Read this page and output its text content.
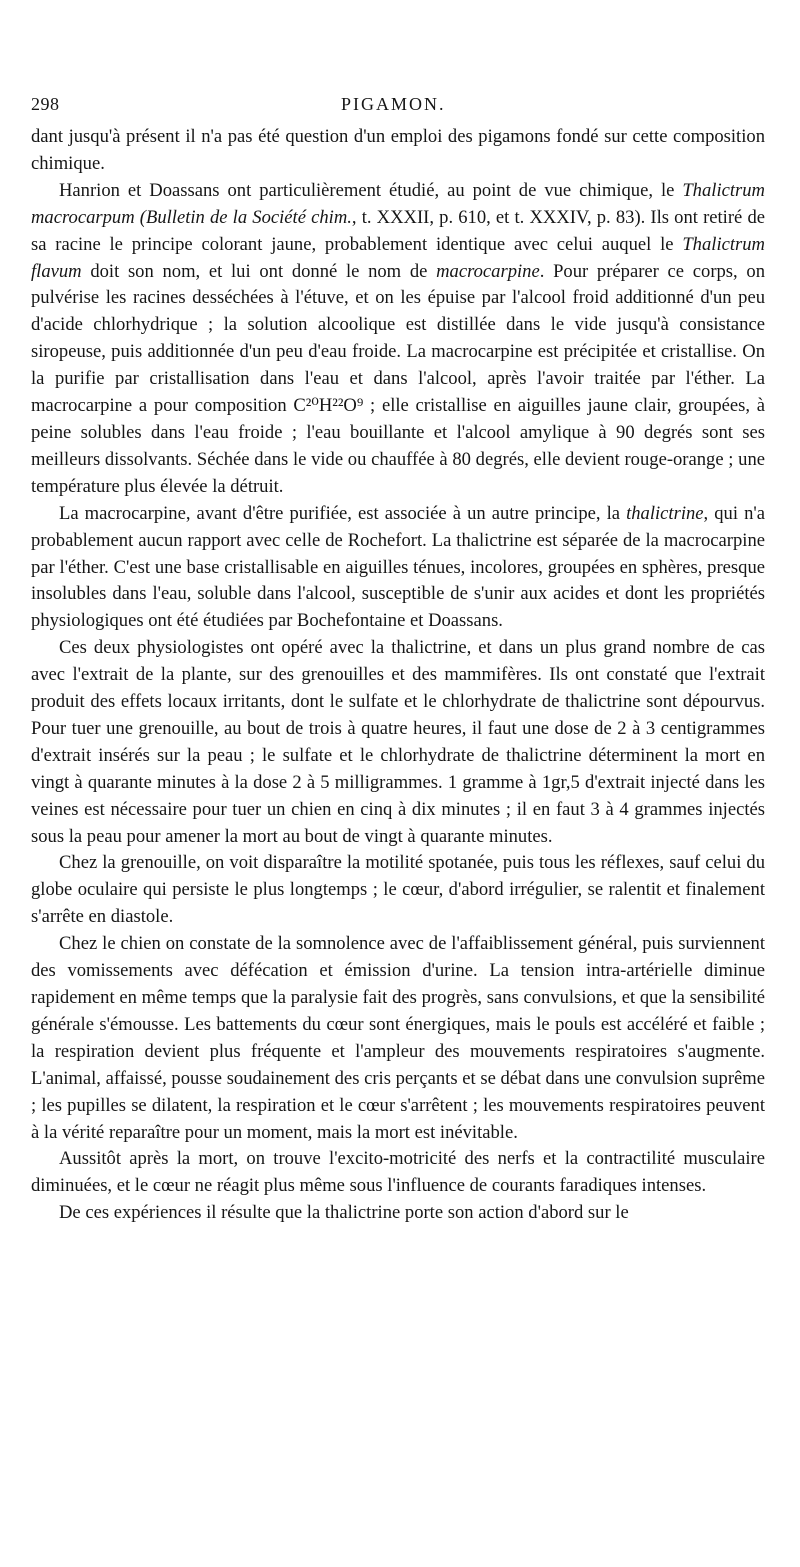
298	PIGAMON.

dant jusqu'à présent il n'a pas été question d'un emploi des pigamons fondé sur cette composition chimique.

Hanrion et Doassans ont particulièrement étudié, au point de vue chimique, le Thalictrum macrocarpum (Bulletin de la Société chim., t. XXXII, p. 610, et t. XXXIV, p. 83). Ils ont retiré de sa racine le principe colorant jaune, probablement identique avec celui auquel le Thalictrum flavum doit son nom, et lui ont donné le nom de macrocarpine. Pour préparer ce corps, on pulvérise les racines desséchées à l'étuve, et on les épuise par l'alcool froid additionné d'un peu d'acide chlorhydrique ; la solution alcoolique est distillée dans le vide jusqu'à consistance siropeuse, puis additionnée d'un peu d'eau froide. La macrocarpine est précipitée et cristallise. On la purifie par cristallisation dans l'eau et dans l'alcool, après l'avoir traitée par l'éther. La macrocarpine a pour composition C²⁰H²²O⁹ ; elle cristallise en aiguilles jaune clair, groupées, à peine solubles dans l'eau froide ; l'eau bouillante et l'alcool amylique à 90 degrés sont ses meilleurs dissolvants. Séchée dans le vide ou chauffée à 80 degrés, elle devient rouge-orange ; une température plus élevée la détruit.

La macrocarpine, avant d'être purifiée, est associée à un autre principe, la thalictrine, qui n'a probablement aucun rapport avec celle de Rochefort. La thalictrine est séparée de la macrocarpine par l'éther. C'est une base cristallisable en aiguilles ténues, incolores, groupées en sphères, presque insolubles dans l'eau, soluble dans l'alcool, susceptible de s'unir aux acides et dont les propriétés physiologiques ont été étudiées par Bochefontaine et Doassans.

Ces deux physiologistes ont opéré avec la thalictrine, et dans un plus grand nombre de cas avec l'extrait de la plante, sur des grenouilles et des mammifères. Ils ont constaté que l'extrait produit des effets locaux irritants, dont le sulfate et le chlorhydrate de thalictrine sont dépourvus. Pour tuer une grenouille, au bout de trois à quatre heures, il faut une dose de 2 à 3 centigrammes d'extrait insérés sur la peau ; le sulfate et le chlorhydrate de thalictrine déterminent la mort en vingt à quarante minutes à la dose 2 à 5 milligrammes. 1 gramme à 1gr,5 d'extrait injecté dans les veines est nécessaire pour tuer un chien en cinq à dix minutes ; il en faut 3 à 4 grammes injectés sous la peau pour amener la mort au bout de vingt à quarante minutes.

Chez la grenouille, on voit disparaître la motilité spotanée, puis tous les réflexes, sauf celui du globe oculaire qui persiste le plus longtemps ; le cœur, d'abord irrégulier, se ralentit et finalement s'arrête en diastole.

Chez le chien on constate de la somnolence avec de l'affaiblissement général, puis surviennent des vomissements avec défécation et émission d'urine. La tension intra-artérielle diminue rapidement en même temps que la paralysie fait des progrès, sans convulsions, et que la sensibilité générale s'émousse. Les battements du cœur sont énergiques, mais le pouls est accéléré et faible ; la respiration devient plus fréquente et l'ampleur des mouvements respiratoires s'augmente. L'animal, affaissé, pousse soudainement des cris perçants et se débat dans une convulsion suprême ; les pupilles se dilatent, la respiration et le cœur s'arrêtent ; les mouvements respiratoires peuvent à la vérité reparaître pour un moment, mais la mort est inévitable.

Aussitôt après la mort, on trouve l'excito-motricité des nerfs et la contractilité musculaire diminuées, et le cœur ne réagit plus même sous l'influence de courants faradiques intenses.

De ces expériences il résulte que la thalictrine porte son action d'abord sur le
